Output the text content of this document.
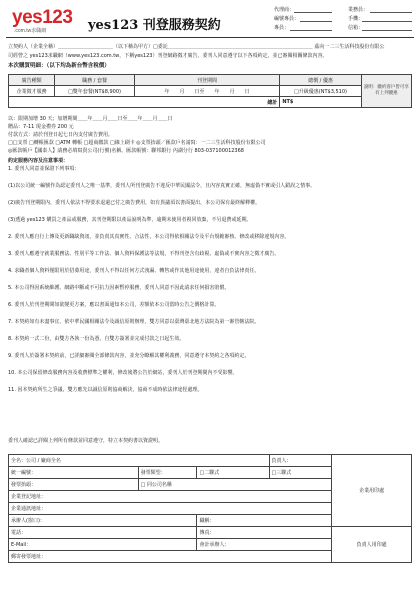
yes123
.com.tw求職網	yes123 刊登服務契約
代理商：	業務員：
編號專員：	手機：
專員：	信箱：
立契約人（企業全稱）＿＿＿＿＿＿＿＿＿＿＿（以下稱為甲方）□委託＿＿＿＿＿＿＿＿＿＿＿＿＿＿＿＿＿＿＿＿＿＿＿＿＿＿＿＿＿ 茲向一二三生活科技股份有限公
司經營之 yes123求職網（www.yes123.com.tw，下稱yes123）刊登網路徵才廣告，委刊人同意遵守以下各項約定，並已審閱相關條款內容。
本次購買明細：（以下均為新台幣含稅價）
廣告種類	職務 / 套餐	刊登期間	總價 / 優惠	說明：繳約客戶皆可享有上列優惠
企業徵才服務	□雙年套餐(NT$8,900)	年　　月　　日至　　年　　月　　日	□升級優惠(NT$3,510)	
總計			NT$	
以：限期加增 30 天；加增期間＿＿年＿＿月＿＿日至＿＿年＿＿月＿＿日
贈品：7-11 現金禮券 200 元
付款方式：請於刊登日起七日內支付廣告費用。
□□支票 □轉帳匯款 □ATM 轉帳 □超商繳款 □線上刷卡 ◎支票抬頭／匯款戶名請寫：一二三生活科技股份有限公司
◎匯款帳戶【國泰人】請務必填寫貴公司(行號)名稱、匯款帳號：聯邦銀行 內湖分行 803-037100012368
約定服務內容及注意事項：
1. 委刊人同意並保證下列事項：
(1)以公司統一編號作為認定委刊人之唯一基準，委刊人所刊登廣告不違反中華民國法令，且內容真實正確，無虛偽不實或引人錯誤之情事。
(2)廣告刊登期限內，委刊人依法不得要求退還已付之廣告費用，如有異議須以書面提出，本公司保有最終解釋權。
(3)透過 yes123 購買之產品或服務，其刊登期限以產品說明為準，逾期未使用者視同放棄，不另退費或延期。
2. 委刊人應自行上傳及更新職缺資訊，並負責其真實性、合法性，本公司得依相關法令及平台規範審核、修改或移除違規內容。
3. 委刊人應遵守就業服務法、性別平等工作法、個人資料保護法等法規，不得刊登含有歧視、虛偽或不實內容之徵才廣告。
4. 求職者個人資料僅限用於招募用途，委刊人不得以任何方式洩漏、轉售或作其他用途使用，違者自負法律責任。
5. 本公司得因系統維護、網路中斷或不可抗力因素暫停服務，委刊人同意不因此請求任何損害賠償。
6. 委刊人於刊登期間如欲變更方案，應以書面通知本公司，差額依本公司當時公告之價格計算。
7. 本契約如有未盡事宜，依中華民國相關法令及誠信原則辦理，雙方同意以臺灣臺北地方法院為第一審管轄法院。
8. 本契約一式二份，由雙方各執一份為憑，自雙方簽署並完成付款之日起生效。
9. 委刊人於簽署本契約前，已詳細審閱全部條款內容，並充分瞭解其權利義務，同意遵守本契約之各項約定。
10. 本公司保留修改服務內容及收費標準之權利，修改後將公告於網站，委刊人於刊登期間內不受影響。
11. 因本契約所生之爭議，雙方應先以誠信原則協商解決，協商不成時依法律途徑處理。
委刊人確認已詳閱上列所有條款並同意遵守，特立本契約書以資證明。
全名：公司 / 廠商全名			負責人：	企業用印處
統一編號：	發票類型：	□二聯式	□三聯式	
發票抬頭：	□ 同公司名稱			
企業登記地址：				
企業通訊地址：				
承辦人(窗口)：		職稱：		
電話：		傳真：		負責人用印處
E-Mail：		會計承辦人：		
郵寄發票地址：				
